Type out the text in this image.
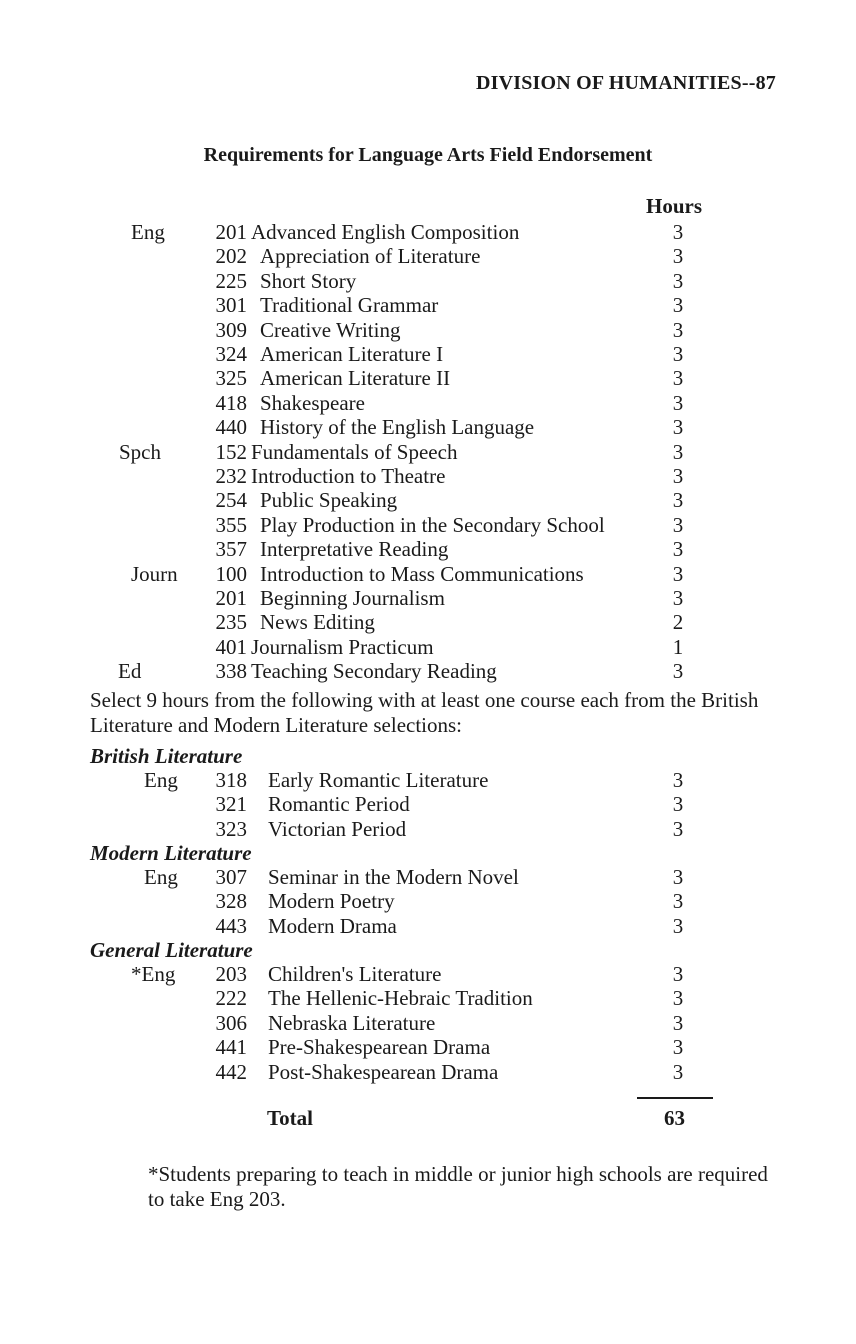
DIVISION OF HUMANITIES--87
Requirements for Language Arts Field Endorsement
Hours
Eng	201 Advanced English Composition	3
202 Appreciation of Literature	3
225 Short Story	3
301 Traditional Grammar	3
309 Creative Writing	3
324 American Literature I	3
325 American Literature II	3
418 Shakespeare	3
440 History of the English Language	3
Spch	152 Fundamentals of Speech	3
232 Introduction to Theatre	3
254 Public Speaking	3
355 Play Production in the Secondary School	3
357 Interpretative Reading	3
Journ	100 Introduction to Mass Communications	3
201 Beginning Journalism	3
235 News Editing	2
401 Journalism Practicum	1
Ed	338 Teaching Secondary Reading	3
Select 9 hours from the following with at least one course each from the British Literature and Modern Literature selections:
British Literature
Eng	318 Early Romantic Literature	3
321 Romantic Period	3
323 Victorian Period	3
Modern Literature
Eng	307 Seminar in the Modern Novel	3
328 Modern Poetry	3
443 Modern Drama	3
General Literature
*Eng	203 Children's Literature	3
222 The Hellenic-Hebraic Tradition	3
306 Nebraska Literature	3
441 Pre-Shakespearean Drama	3
442 Post-Shakespearean Drama	3
Total	63
*Students preparing to teach in middle or junior high schools are required to take Eng 203.
